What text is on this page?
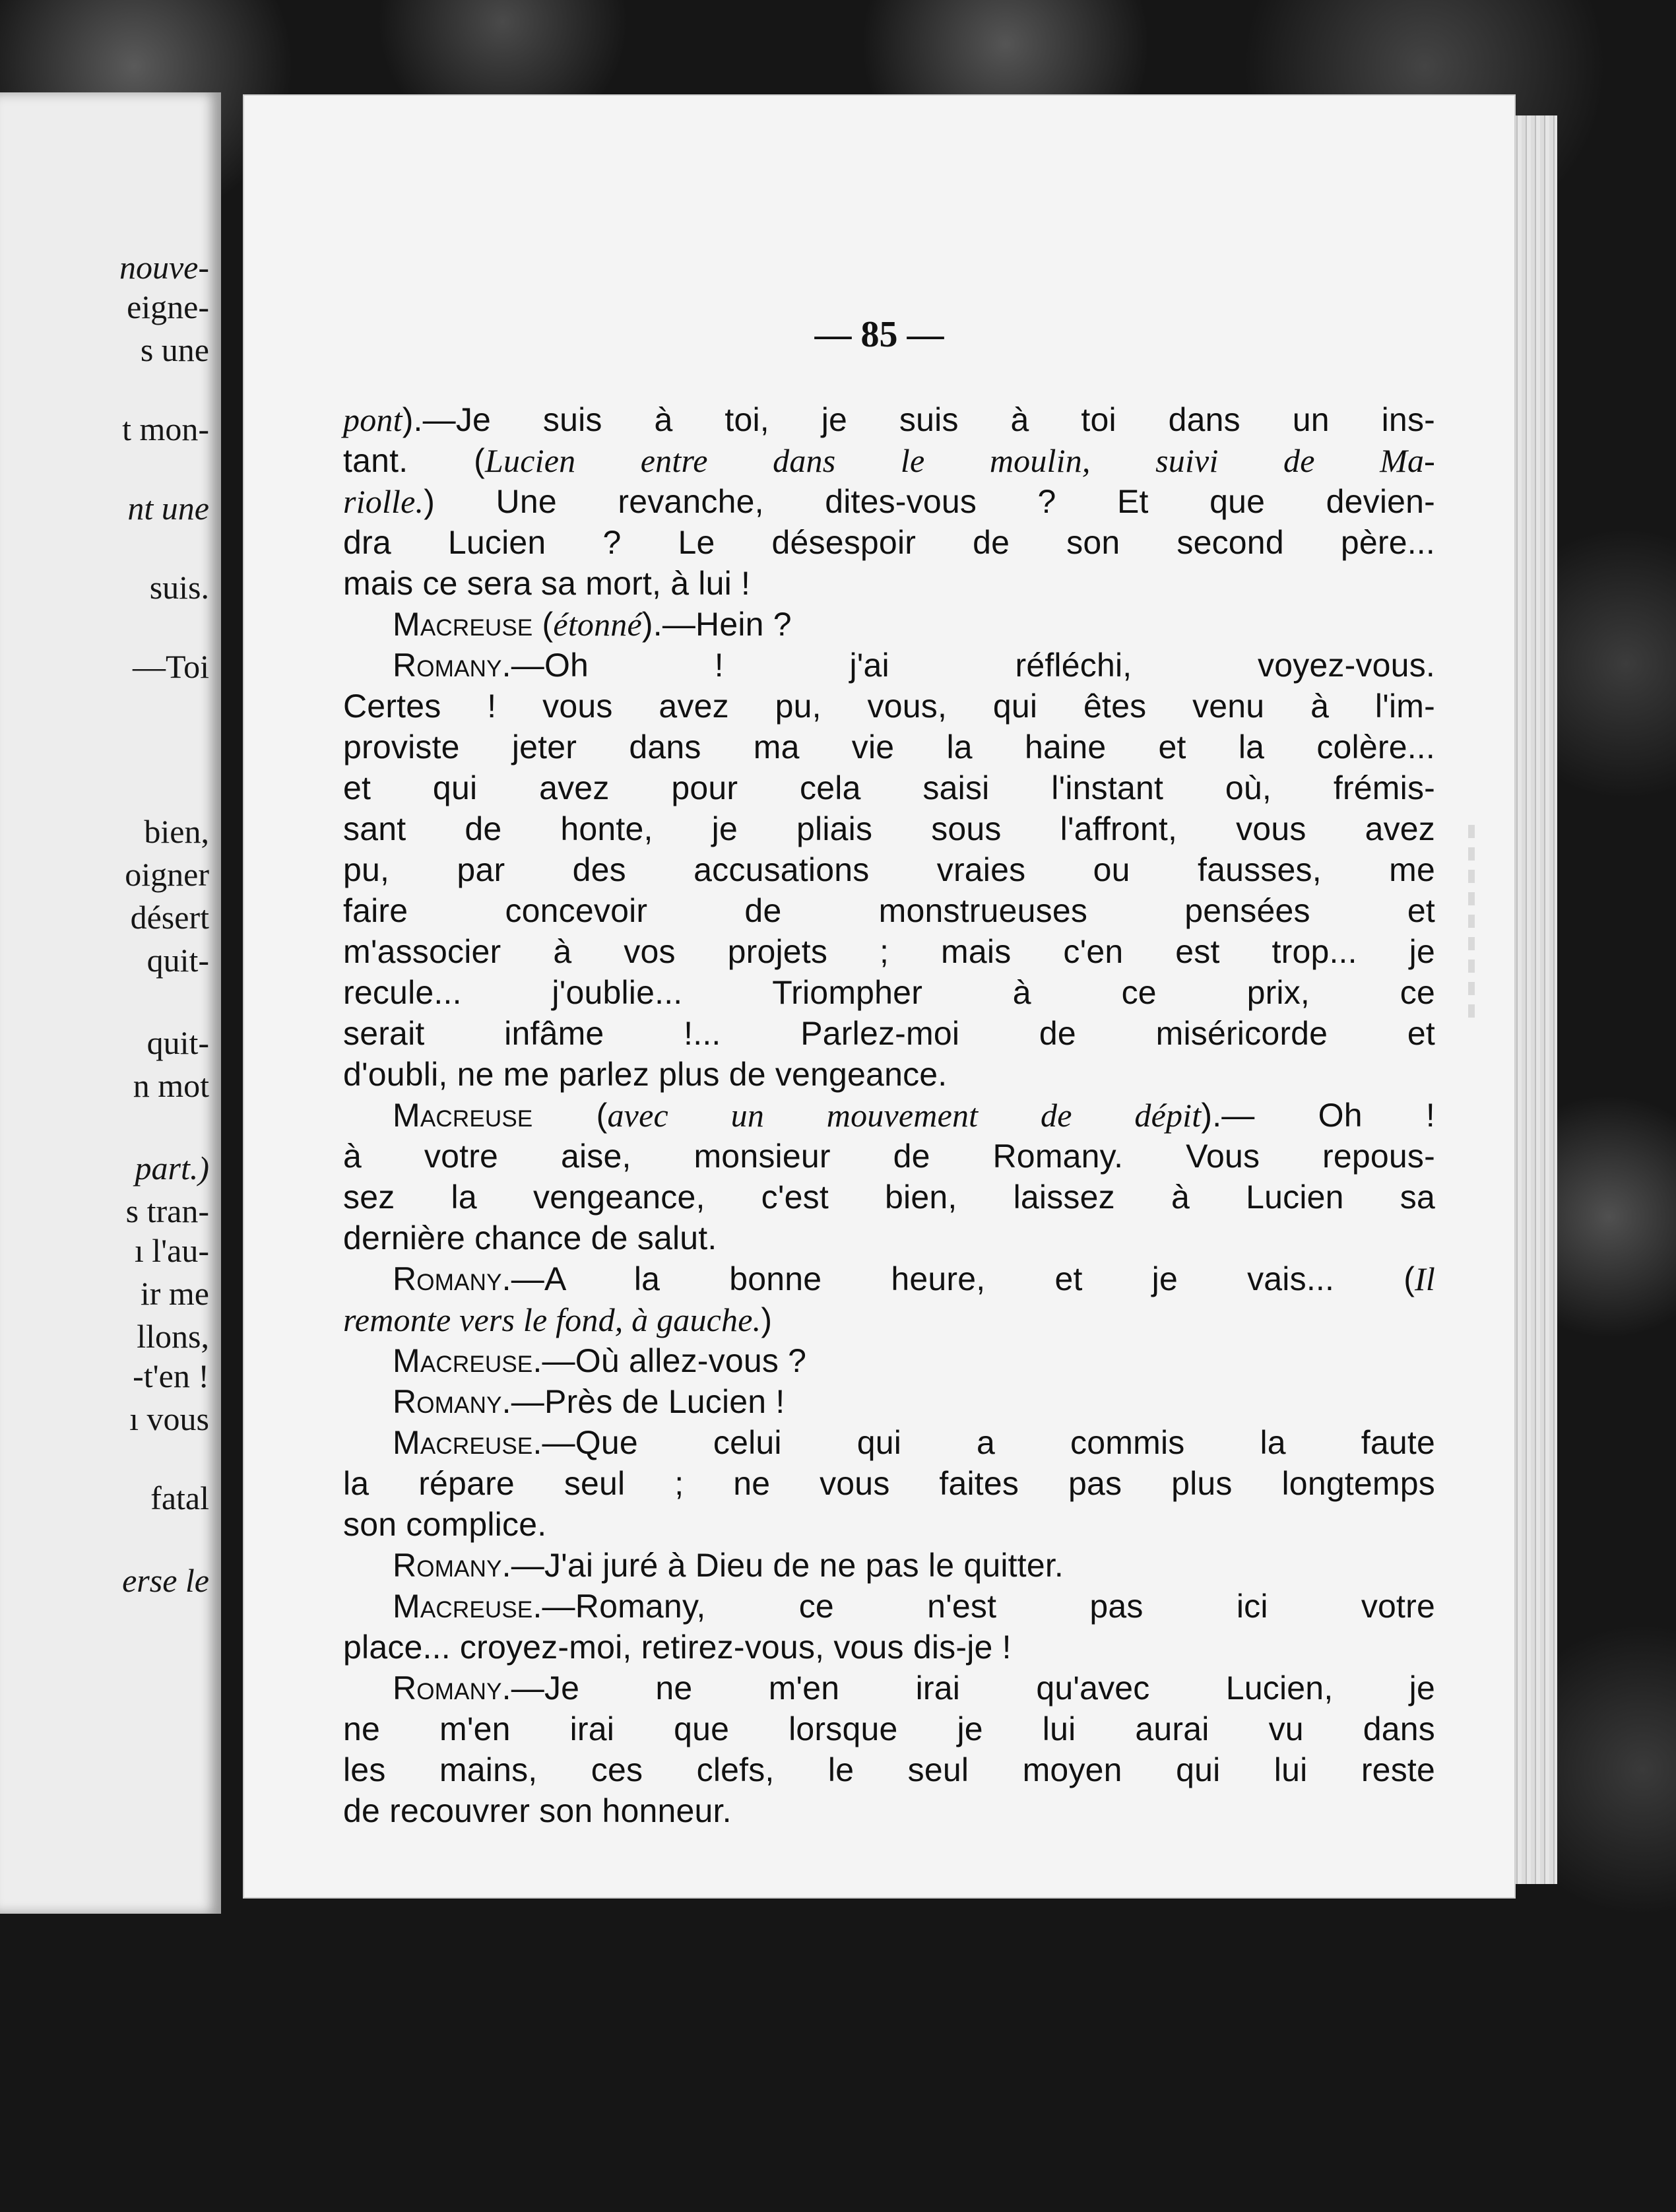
nouve-

eigne-

s une

t mon-

nt une

suis.

—Toi

bien,

oigner

désert

quit-

quit-

n mot

part.)

s tran-

ı l'au-

ir me

llons,

-t'en !

ı vous

fatal

erse le

— 85 —

pont).—Je suis à toi, je suis à toi dans un ins-
tant. (Lucien entre dans le moulin, suivi de Ma-
riolle.) Une revanche, dites-vous ? Et que devien-
dra Lucien ? Le désespoir de son second père...
mais ce sera sa mort, à lui !
Macreuse (étonné).—Hein ?
Romany.—Oh ! j'ai réfléchi, voyez-vous.
Certes ! vous avez pu, vous, qui êtes venu à l'im-
proviste jeter dans ma vie la haine et la colère...
et qui avez pour cela saisi l'instant où, frémis-
sant de honte, je pliais sous l'affront, vous avez
pu, par des accusations vraies ou fausses, me
faire concevoir de monstrueuses pensées et
m'associer à vos projets ; mais c'en est trop... je
recule... j'oublie... Triompher à ce prix, ce
serait infâme !... Parlez-moi de miséricorde et
d'oubli, ne me parlez plus de vengeance.
Macreuse (avec un mouvement de dépit).— Oh !
à votre aise, monsieur de Romany. Vous repous-
sez la vengeance, c'est bien, laissez à Lucien sa
dernière chance de salut.
Romany.—A la bonne heure, et je vais... (Il
remonte vers le fond, à gauche.)
Macreuse.—Où allez-vous ?
Romany.—Près de Lucien !
Macreuse.—Que celui qui a commis la faute
la répare seul ; ne vous faites pas plus longtemps
son complice.
Romany.—J'ai juré à Dieu de ne pas le quitter.
Macreuse.—Romany, ce n'est pas ici votre
place... croyez-moi, retirez-vous, vous dis-je !
Romany.—Je ne m'en irai qu'avec Lucien, je
ne m'en irai que lorsque je lui aurai vu dans
les mains, ces clefs, le seul moyen qui lui reste
de recouvrer son honneur.
